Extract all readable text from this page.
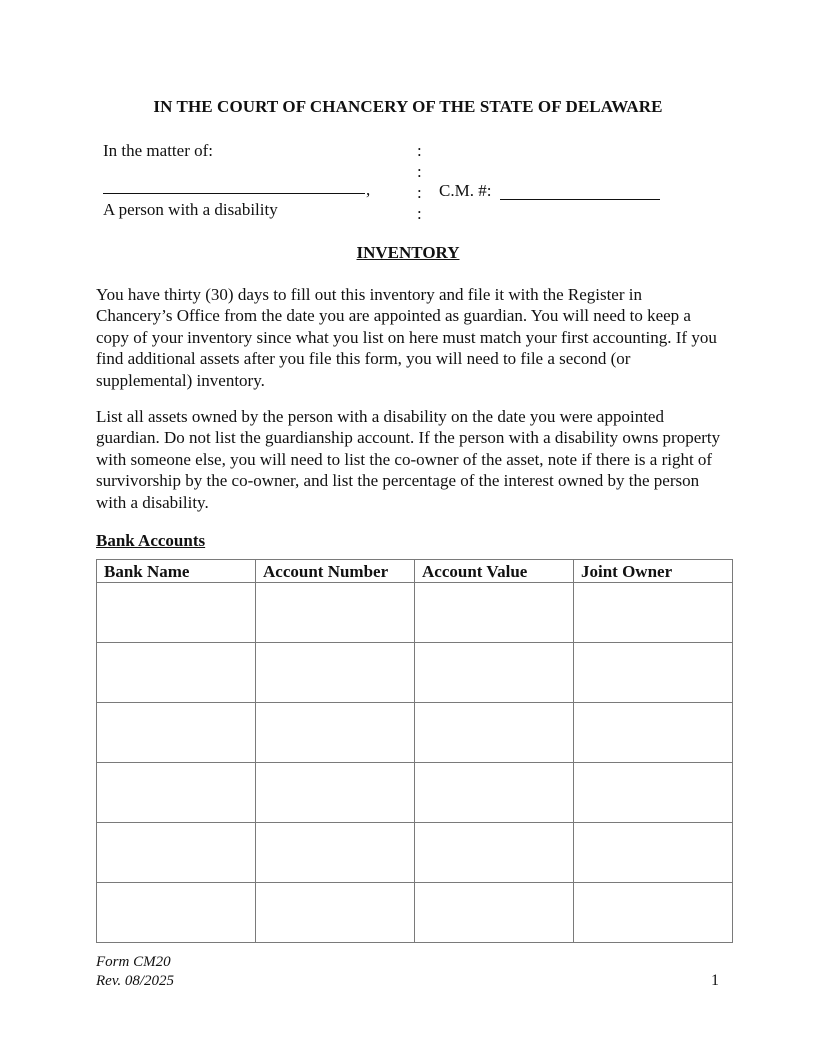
IN THE COURT OF CHANCERY OF THE STATE OF DELAWARE
In the matter of:
,
A person with a disability
:
:
:
:
C.M. #:
INVENTORY

You have thirty (30) days to fill out this inventory and file it with the Register in Chancery’s Office from the date you are appointed as guardian. You will need to keep a copy of your inventory since what you list on here must match your first accounting. If you find additional assets after you file this form, you will need to file a second (or supplemental) inventory.

List all assets owned by the person with a disability on the date you were appointed guardian. Do not list the guardianship account. If the person with a disability owns property with someone else, you will need to list the co-owner of the asset, note if there is a right of survivorship by the co-owner, and list the percentage of the interest owned by the person with a disability.

Bank Accounts
Bank Name	Account Number	Account Value	Joint Owner

Form CM20
Rev. 08/2025	1
